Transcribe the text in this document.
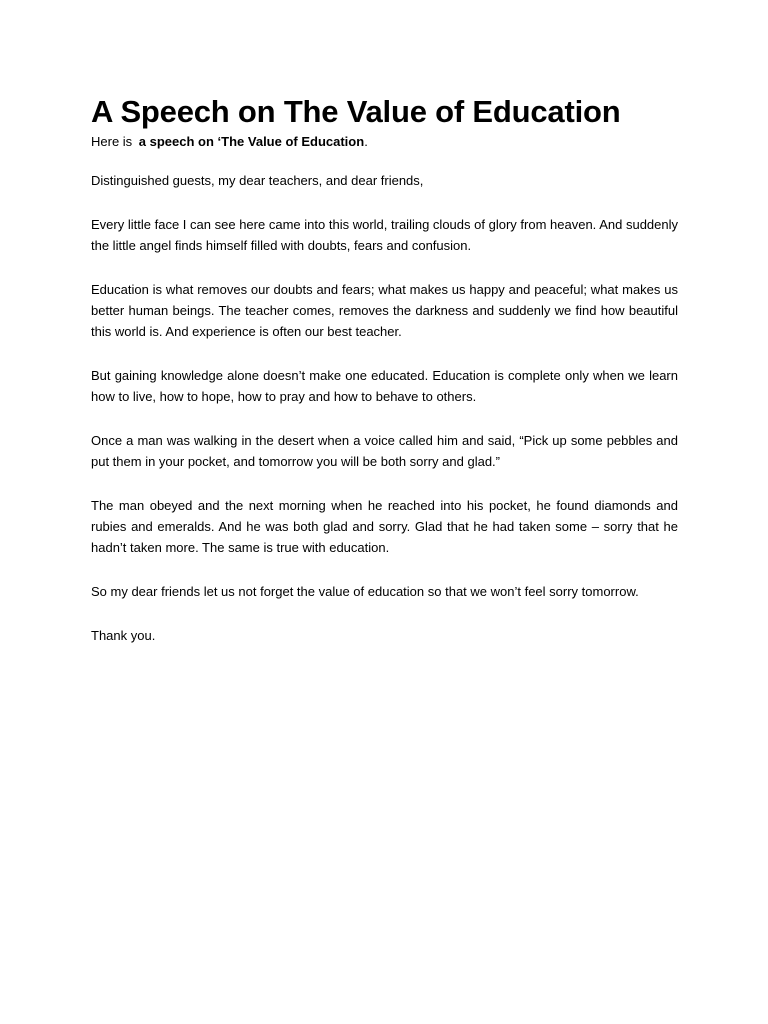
A Speech on The Value of Education

Here is a speech on ‘The Value of Education.

Distinguished guests, my dear teachers, and dear friends,

Every little face I can see here came into this world, trailing clouds of glory from heaven. And suddenly the little angel finds himself filled with doubts, fears and confusion.

Education is what removes our doubts and fears; what makes us happy and peaceful; what makes us better human beings. The teacher comes, removes the darkness and suddenly we find how beautiful this world is. And experience is often our best teacher.

But gaining knowledge alone doesn’t make one educated. Education is complete only when we learn how to live, how to hope, how to pray and how to behave to others.

Once a man was walking in the desert when a voice called him and said, “Pick up some pebbles and put them in your pocket, and tomorrow you will be both sorry and glad.”

The man obeyed and the next morning when he reached into his pocket, he found diamonds and rubies and emeralds. And he was both glad and sorry. Glad that he had taken some – sorry that he hadn’t taken more. The same is true with education.

So my dear friends let us not forget the value of education so that we won’t feel sorry tomorrow.

Thank you.
